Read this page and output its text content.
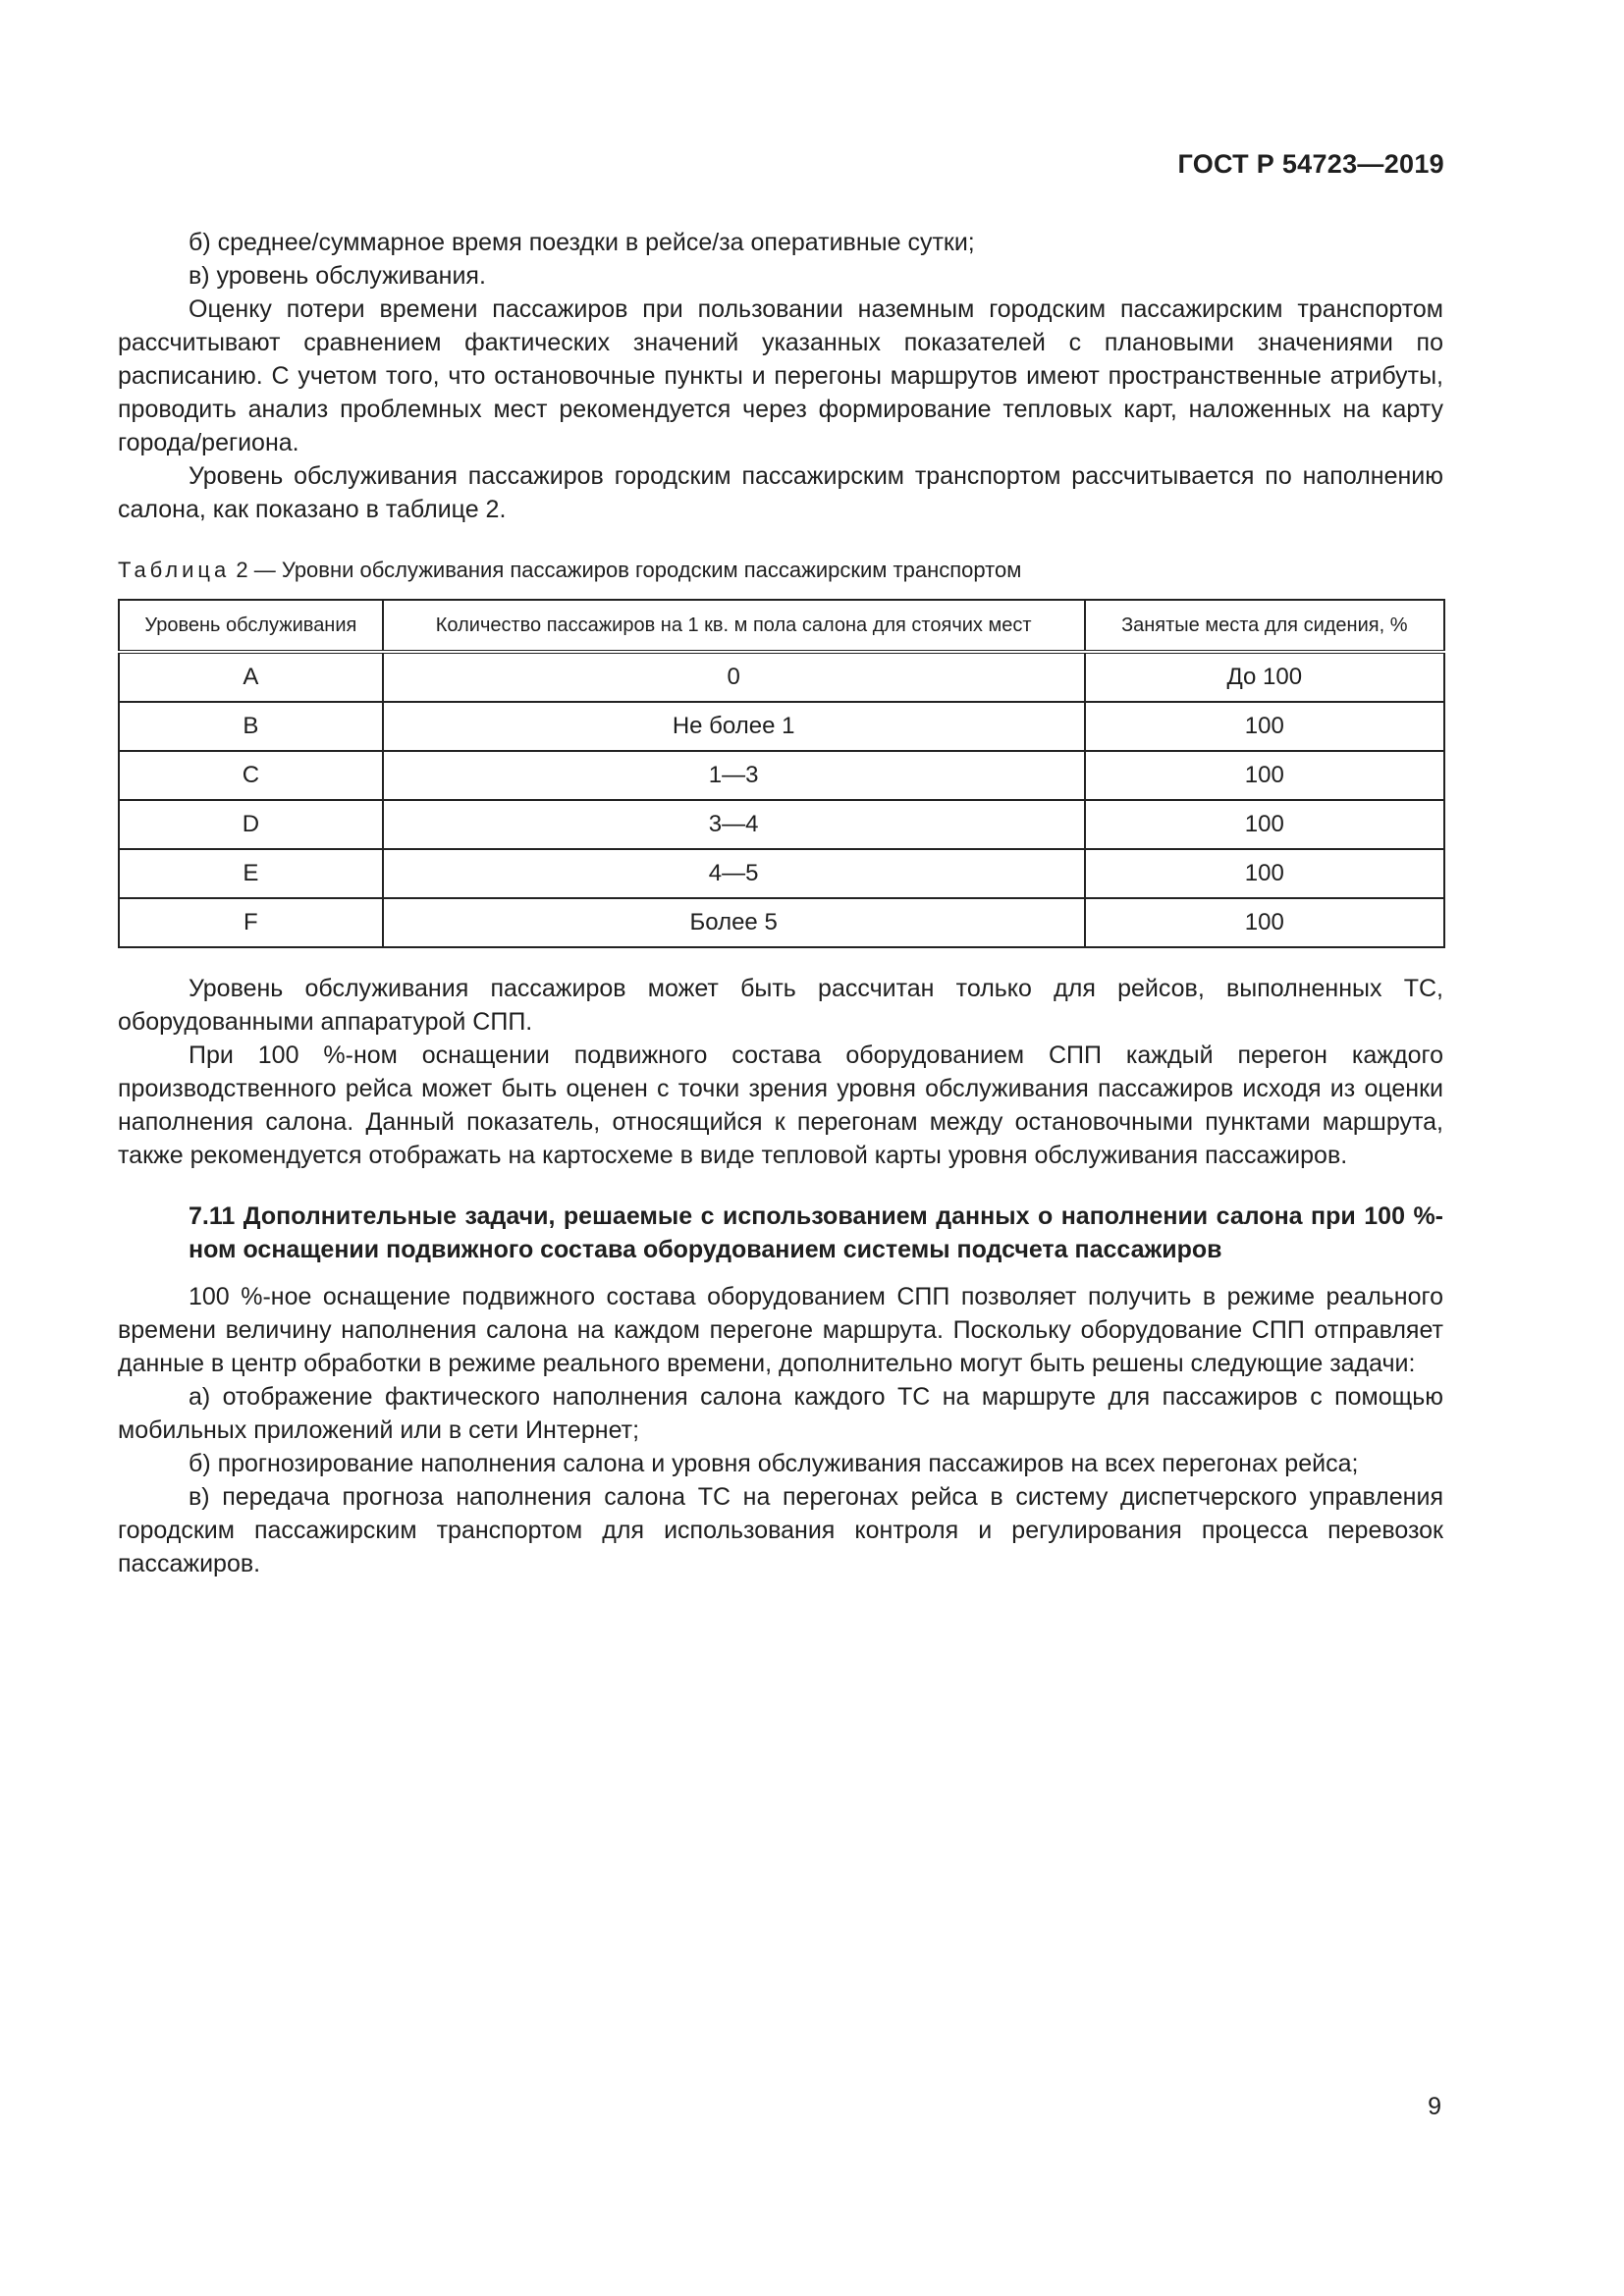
ГОСТ Р 54723—2019

б) среднее/суммарное время поездки в рейсе/за оперативные сутки;

в) уровень обслуживания.

Оценку потери времени пассажиров при пользовании наземным городским пассажирским транспортом рассчитывают сравнением фактических значений указанных показателей с плановыми значениями по расписанию. С учетом того, что остановочные пункты и перегоны маршрутов имеют пространственные атрибуты, проводить анализ проблемных мест рекомендуется через формирование тепловых карт, наложенных на карту города/региона.

Уровень обслуживания пассажиров городским пассажирским транспортом рассчитывается по наполнению салона, как показано в таблице 2.

Таблица 2 — Уровни обслуживания пассажиров городским пассажирским транспортом
Уровень обслуживания	Количество пассажиров на 1 кв. м пола салона для стоячих мест	Занятые места для сидения, %
A	0	До 100
B	Не более 1	100
C	1—3	100
D	3—4	100
E	4—5	100
F	Более 5	100

Уровень обслуживания пассажиров может быть рассчитан только для рейсов, выполненных ТС, оборудованными аппаратурой СПП.

При 100 %-ном оснащении подвижного состава оборудованием СПП каждый перегон каждого производственного рейса может быть оценен с точки зрения уровня обслуживания пассажиров исходя из оценки наполнения салона. Данный показатель, относящийся к перегонам между остановочными пунктами маршрута, также рекомендуется отображать на картосхеме в виде тепловой карты уровня обслуживания пассажиров.

7.11 Дополнительные задачи, решаемые с использованием данных о наполнении салона при 100 %-ном оснащении подвижного состава оборудованием системы подсчета пассажиров

100 %-ное оснащение подвижного состава оборудованием СПП позволяет получить в режиме реального времени величину наполнения салона на каждом перегоне маршрута. Поскольку оборудование СПП отправляет данные в центр обработки в режиме реального времени, дополнительно могут быть решены следующие задачи:

а) отображение фактического наполнения салона каждого ТС на маршруте для пассажиров с помощью мобильных приложений или в сети Интернет;

б) прогнозирование наполнения салона и уровня обслуживания пассажиров на всех перегонах рейса;

в) передача прогноза наполнения салона ТС на перегонах рейса в систему диспетчерского управления городским пассажирским транспортом для использования контроля и регулирования процесса перевозок пассажиров.

9
